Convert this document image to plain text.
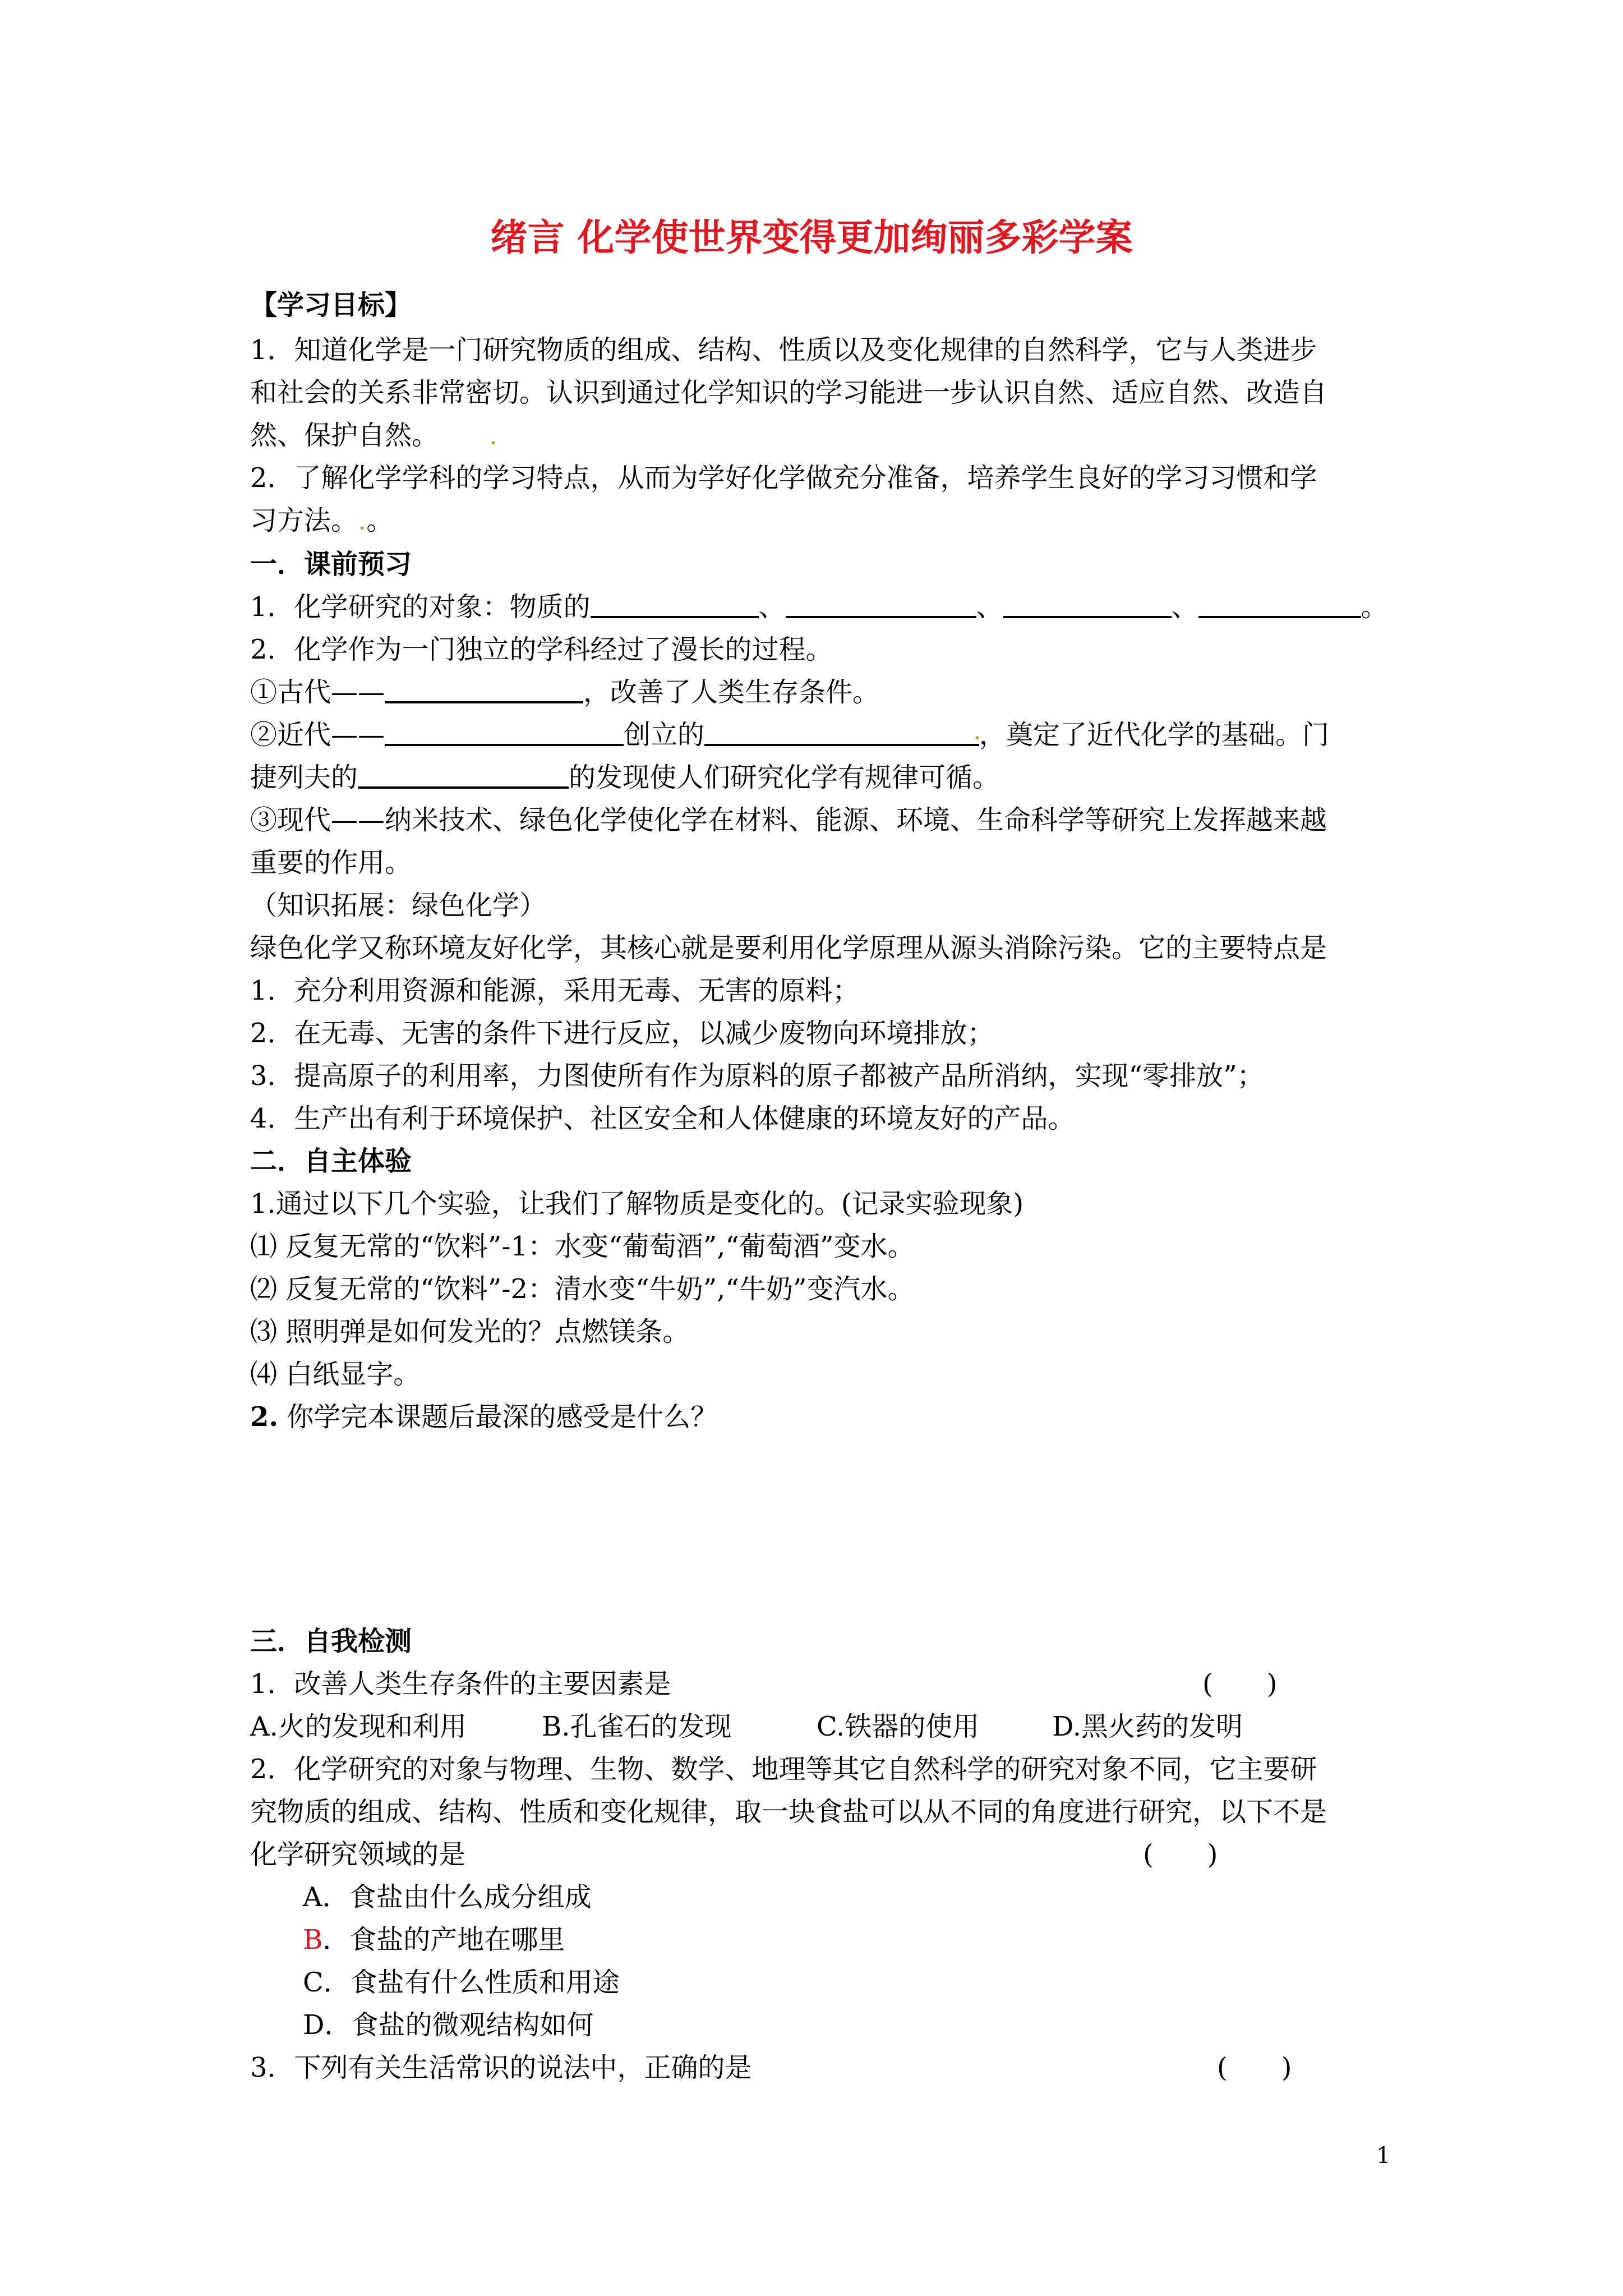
绪言 化学使世界变得更加绚丽多彩学案
【学习目标】
1．知道化学是一门研究物质的组成、结构、性质以及变化规律的自然科学，它与人类进步
和社会的关系非常密切。认识到通过化学知识的学习能进一步认识自然、适应自然、改造自
然、保护自然。 .
2．了解化学学科的学习特点，从而为学好化学做充分准备，培养学生良好的学习习惯和学
习方法。.。
一．课前预习
1．化学研究的对象：物质的	、	、	、	。
2．化学作为一门独立的学科经过了漫长的过程。
①古代——	，改善了人类生存条件。
②近代——	创立的	.
，奠定了近代化学的基础。门
捷列夫的	的发现使人们研究化学有规律可循。
③现代——纳米技术、绿色化学使化学在材料、能源、环境、生命科学等研究上发挥越来越
重要的作用。
（知识拓展：绿色化学）
绿色化学又称环境友好化学，其核心就是要利用化学原理从源头消除污染。它的主要特点是
1．充分利用资源和能源，采用无毒、无害的原料；
2．在无毒、无害的条件下进行反应，以减少废物向环境排放；
3．提高原子的利用率，力图使所有作为原料的原子都被产品所消纳，实现“零排放”；
4．生产出有利于环境保护、社区安全和人体健康的环境友好的产品。
二．自主体验
1.通过以下几个实验，让我们了解物质是变化的。(记录实验现象)
⑴ 反复无常的“饮料”-1：水变“葡萄酒”,“葡萄酒”变水。
⑵ 反复无常的“饮料”-2：清水变“牛奶”,“牛奶”变汽水。
⑶ 照明弹是如何发光的？点燃镁条。
⑷ 白纸显字。
2. 你学完本课题后最深的感受是什么？
三．自我检测
1．改善人类生存条件的主要因素是	(　　)
A.火的发现和利用	B.孔雀石的发现	C.铁器的使用	D.黑火药的发明
2．化学研究的对象与物理、生物、数学、地理等其它自然科学的研究对象不同，它主要研
究物质的组成、结构、性质和变化规律，取一块食盐可以从不同的角度进行研究，以下不是
化学研究领域的是	(　　)
A．食盐由什么成分组成
B．食盐的产地在哪里
C．食盐有什么性质和用途
D．食盐的微观结构如何
3．下列有关生活常识的说法中，正确的是	(　　)
1
